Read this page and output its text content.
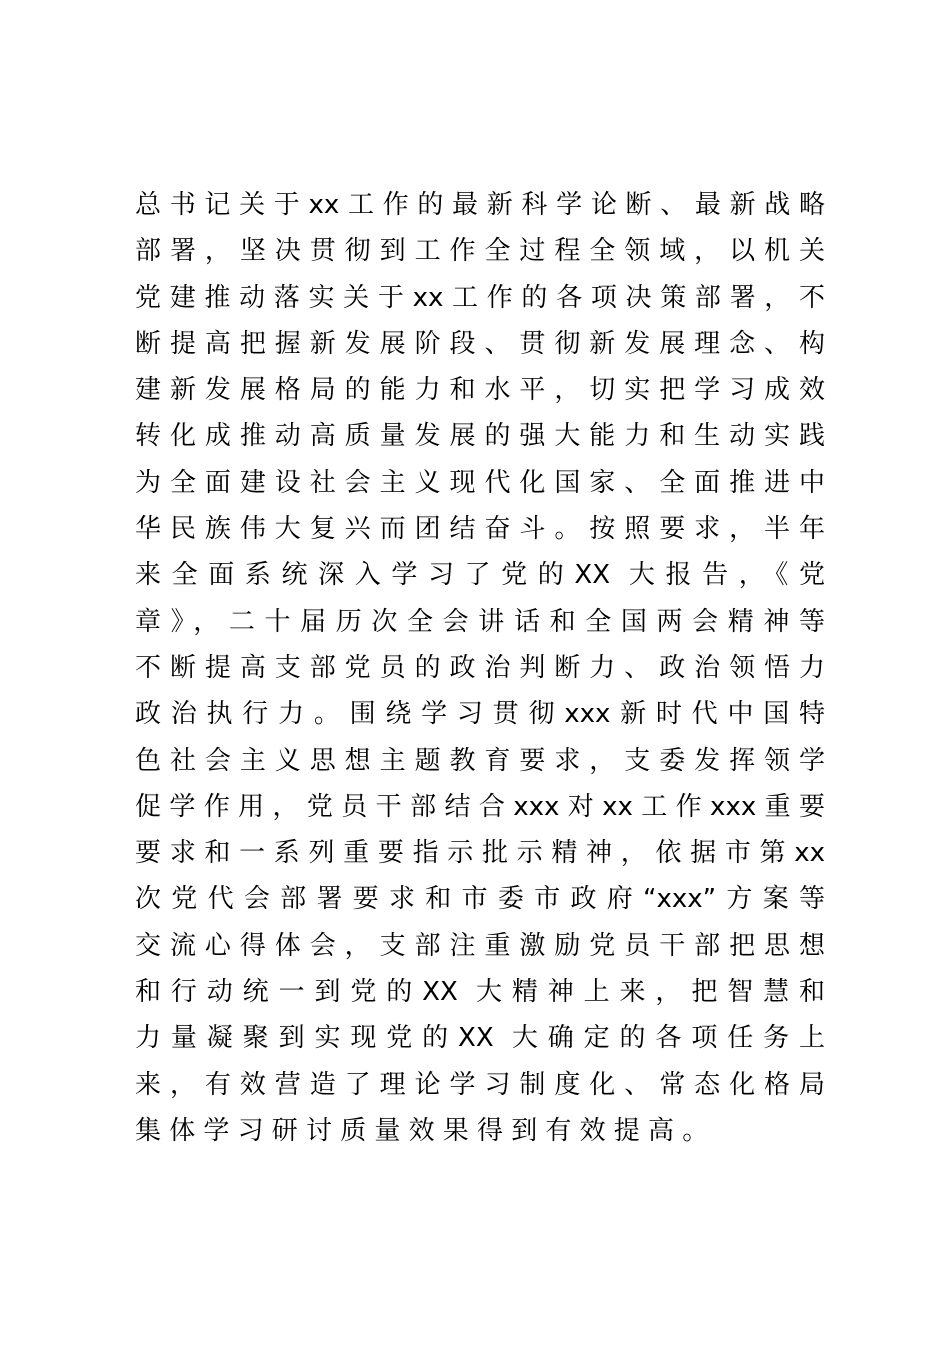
总书记关于xx工作的最新科学论断、最新战略
部署，坚决贯彻到工作全过程全领域，以机关
党建推动落实关于xx工作的各项决策部署，不
断提高把握新发展阶段、贯彻新发展理念、构
建新发展格局的能力和水平，切实把学习成效
转化成推动高质量发展的强大能力和生动实践
为全面建设社会主义现代化国家、全面推进中
华民族伟大复兴而团结奋斗。按照要求，半年
来全面系统深入学习了党的XX 大报告，《党
章》，二十届历次全会讲话和全国两会精神等
不断提高支部党员的政治判断力、政治领悟力
政治执行力。围绕学习贯彻xxx新时代中国特
色社会主义思想主题教育要求，支委发挥领学
促学作用，党员干部结合xxx对xx工作xxx重要
要求和一系列重要指示批示精神，依据市第xx
次党代会部署要求和市委市政府“xxx”方案等
交流心得体会，支部注重激励党员干部把思想
和行动统一到党的XX 大精神上来，把智慧和
力量凝聚到实现党的XX 大确定的各项任务上
来，有效营造了理论学习制度化、常态化格局
集体学习研讨质量效果得到有效提高。
